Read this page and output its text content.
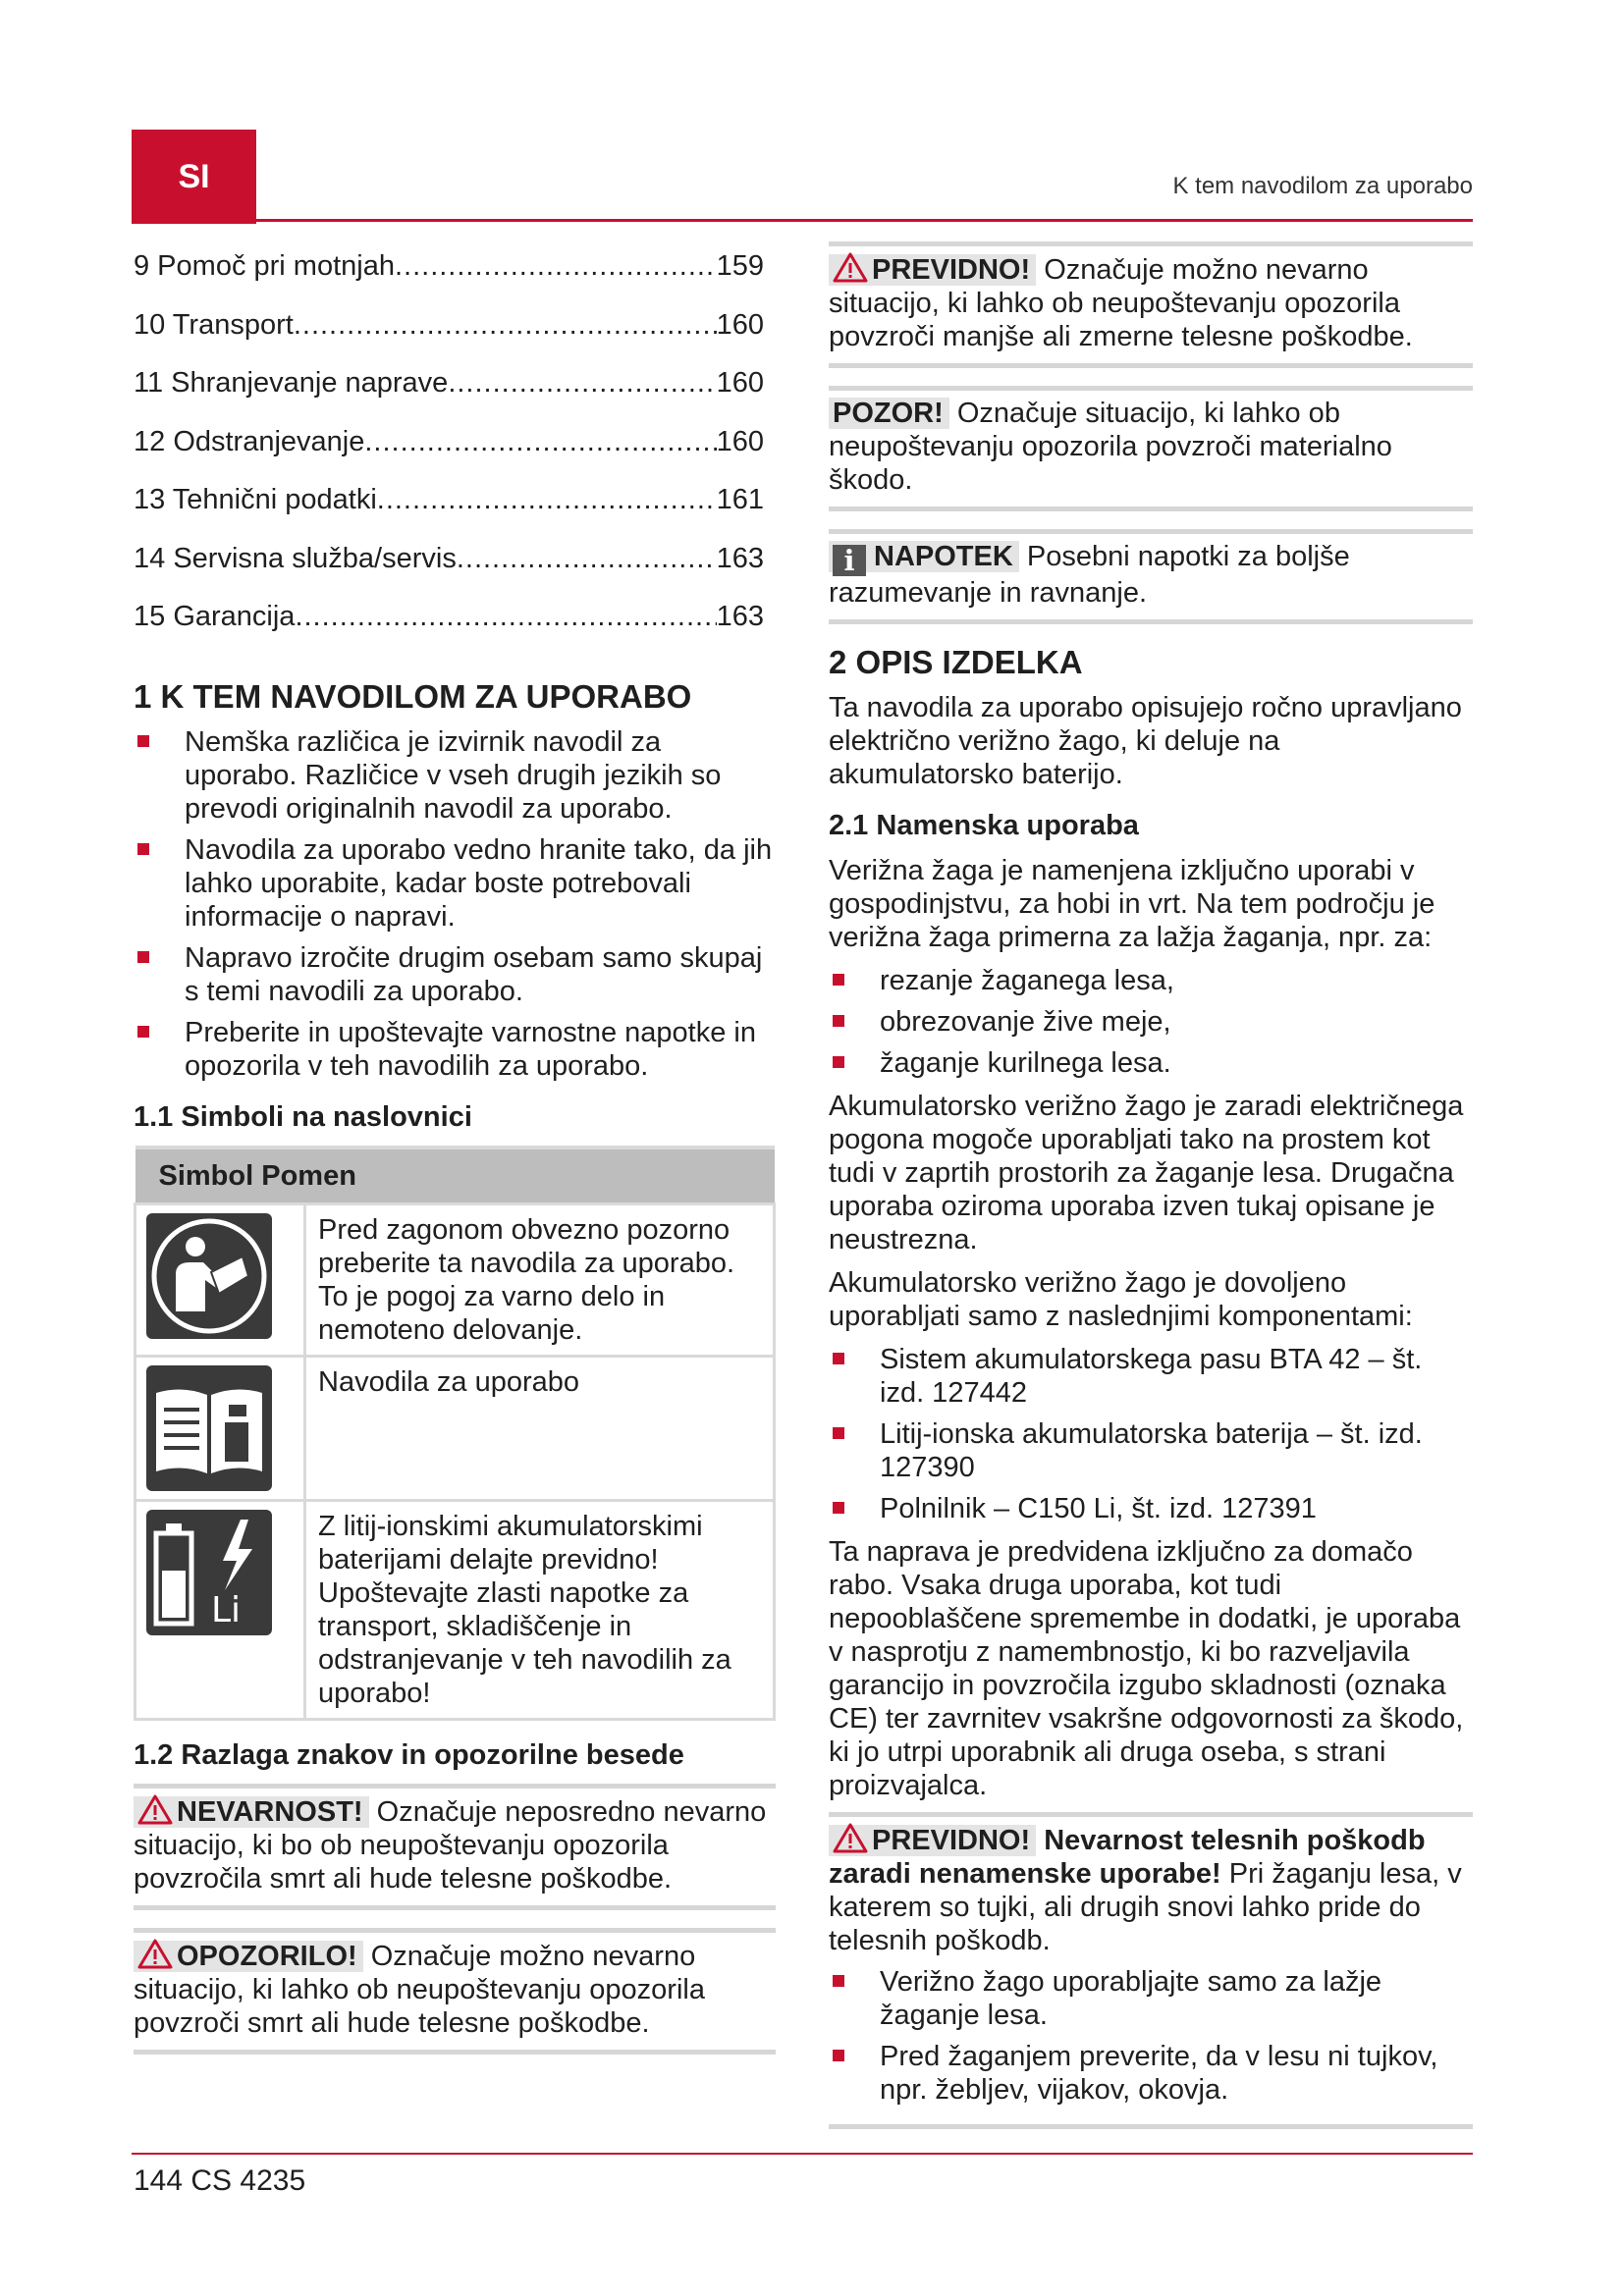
SI	K tem navodilom za uporabo
9 Pomoč pri motnjah .....	159
10 Transport .....	160
11 Shranjevanje naprave .....	160
12 Odstranjevanje .....	160
13 Tehnični podatki .....	161
14 Servisna služba/servis .....	163
15 Garancija .....	163
1 K TEM NAVODILOM ZA UPORABO
Nemška različica je izvirnik navodil za uporabo. Različice v vseh drugih jezikih so prevodi originalnih navodil za uporabo.
Navodila za uporabo vedno hranite tako, da jih lahko uporabite, kadar boste potrebovali informacije o napravi.
Napravo izročite drugim osebam samo skupaj s temi navodili za uporabo.
Preberite in upoštevajte varnostne napotke in opozorila v teh navodilih za uporabo.
1.1 Simboli na naslovnici
Simbol Pomen	

	Pred zagonom obvezno pozorno preberite ta navodila za uporabo. To je pogoj za varno delo in nemoteno delovanje.

	Navodila za uporabo

Li	Z litij-ionskimi akumulatorskimi baterijami delajte previdno! Upoštevajte zlasti napotke za transport, skladiščenje in odstranjevanje v teh navodilih za uporabo!
1.2 Razlaga znakov in opozorilne besede
NEVARNOST! Označuje neposredno nevarno situacijo, ki bo ob neupoštevanju opozorila povzročila smrt ali hude telesne poškodbe.
OPOZORILO! Označuje možno nevarno situacijo, ki lahko ob neupoštevanju opozorila povzroči smrt ali hude telesne poškodbe.
PREVIDNO! Označuje možno nevarno situacijo, ki lahko ob neupoštevanju opozorila povzroči manjše ali zmerne telesne poškodbe.
POZOR! Označuje situacijo, ki lahko ob neupoštevanju opozorila povzroči materialno škodo.
i NAPOTEK Posebni napotki za boljše razumevanje in ravnanje.
2 OPIS IZDELKA

Ta navodila za uporabo opisujejo ročno upravljano električno verižno žago, ki deluje na akumulatorsko baterijo.

2.1 Namenska uporaba

Verižna žaga je namenjena izključno uporabi v gospodinjstvu, za hobi in vrt. Na tem področju je verižna žaga primerna za lažja žaganja, npr. za:

rezanje žaganega lesa,
obrezovanje žive meje,
žaganje kurilnega lesa.

Akumulatorsko verižno žago je zaradi električnega pogona mogoče uporabljati tako na prostem kot tudi v zaprtih prostorih za žaganje lesa. Drugačna uporaba oziroma uporaba izven tukaj opisane je neustrezna.

Akumulatorsko verižno žago je dovoljeno uporabljati samo z naslednjimi komponentami:

Sistem akumulatorskega pasu BTA 42 – št. izd. 127442
Litij-ionska akumulatorska baterija – št. izd. 127390
Polnilnik – C150 Li, št. izd. 127391

Ta naprava je predvidena izključno za domačo rabo. Vsaka druga uporaba, kot tudi nepooblaščene spremembe in dodatki, je uporaba v nasprotju z namembnostjo, ki bo razveljavila garancijo in povzročila izgubo skladnosti (oznaka CE) ter zavrnitev vsakršne odgovornosti za škodo, ki jo utrpi uporabnik ali druga oseba, s strani proizvajalca.

PREVIDNO! Nevarnost telesnih poškodb zaradi nenamenske uporabe! Pri žaganju lesa, v katerem so tujki, ali drugih snovi lahko pride do telesnih poškodb.
Verižno žago uporabljajte samo za lažje žaganje lesa.
Pred žaganjem preverite, da v lesu ni tujkov, npr. žebljev, vijakov, okovja.
144 CS 4235
